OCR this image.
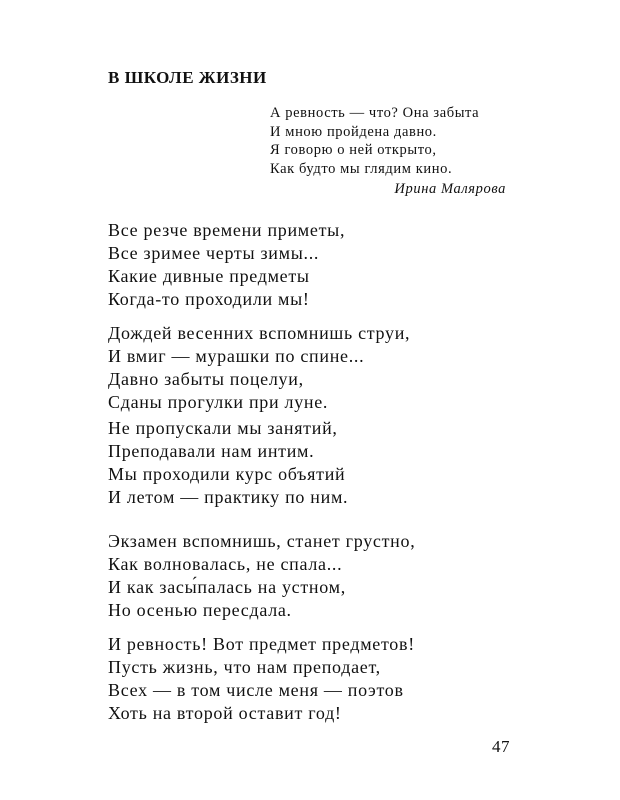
В ШКОЛЕ ЖИЗНИ
А ревность — что? Она забыта
И мною пройдена давно.
Я говорю о ней открыто,
Как будто мы глядим кино.
Ирина Малярова
Все резче времени приметы,
Все зримее черты зимы...
Какие дивные предметы
Когда-то проходили мы!
Дождей весенних вспомнишь струи,
И вмиг — мурашки по спине...
Давно забыты поцелуи,
Сданы прогулки при луне.
Не пропускали мы занятий,
Преподавали нам интим.
Мы проходили курс объятий
И летом — практику по ним.
Экзамен вспомнишь, станет грустно,
Как волновалась, не спала...
И как засы́палась на устном,
Но осенью пересдала.
И ревность! Вот предмет предметов!
Пусть жизнь, что нам преподает,
Всех — в том числе меня — поэтов
Хоть на второй оставит год!
47
